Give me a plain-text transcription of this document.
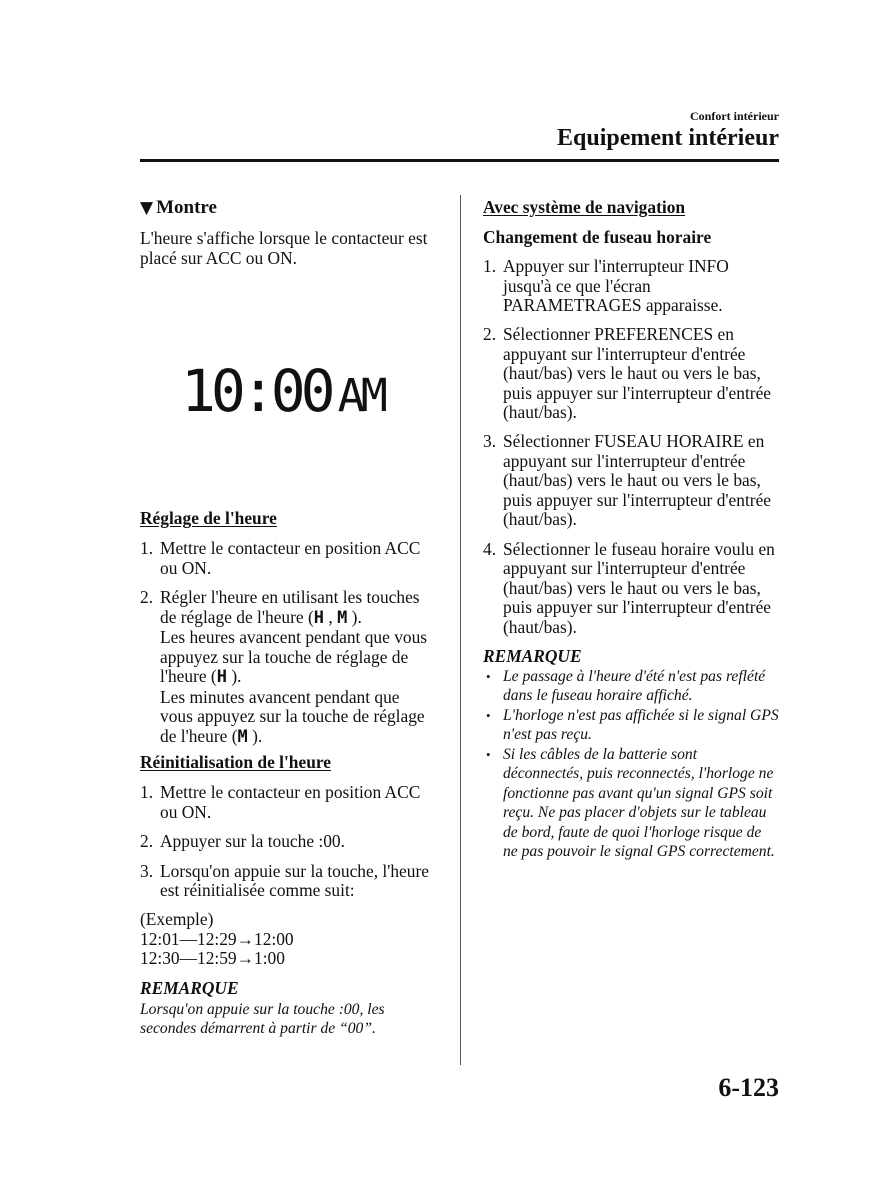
Confort intérieur
Equipement intérieur
▼ Montre
L'heure s'affiche lorsque le contacteur est
placé sur ACC ou ON.
10:00 AM
Réglage de l'heure
1. Mettre le contacteur en position ACC
ou ON.
2. Régler l'heure en utilisant les touches
de réglage de l'heure (H , M ).
Les heures avancent pendant que vous
appuyez sur la touche de réglage de
l'heure (H ).
Les minutes avancent pendant que
vous appuyez sur la touche de réglage
de l'heure (M ).
Réinitialisation de l'heure
1. Mettre le contacteur en position ACC
ou ON.
2. Appuyer sur la touche :00.
3. Lorsqu'on appuie sur la touche, l'heure
est réinitialisée comme suit:
(Exemple)
12:01—12:29→12:00
12:30—12:59→1:00
REMARQUE
Lorsqu'on appuie sur la touche :00, les
secondes démarrent à partir de “00”.
Avec système de navigation
Changement de fuseau horaire
1. Appuyer sur l'interrupteur INFO
jusqu'à ce que l'écran
PARAMETRAGES apparaisse.
2. Sélectionner PREFERENCES en
appuyant sur l'interrupteur d'entrée
(haut/bas) vers le haut ou vers le bas,
puis appuyer sur l'interrupteur d'entrée
(haut/bas).
3. Sélectionner FUSEAU HORAIRE en
appuyant sur l'interrupteur d'entrée
(haut/bas) vers le haut ou vers le bas,
puis appuyer sur l'interrupteur d'entrée
(haut/bas).
4. Sélectionner le fuseau horaire voulu en
appuyant sur l'interrupteur d'entrée
(haut/bas) vers le haut ou vers le bas,
puis appuyer sur l'interrupteur d'entrée
(haut/bas).
REMARQUE
• Le passage à l'heure d'été n'est pas reflété
dans le fuseau horaire affiché.
• L'horloge n'est pas affichée si le signal GPS
n'est pas reçu.
• Si les câbles de la batterie sont
déconnectés, puis reconnectés, l'horloge ne
fonctionne pas avant qu'un signal GPS soit
reçu. Ne pas placer d'objets sur le tableau
de bord, faute de quoi l'horloge risque de
ne pas pouvoir le signal GPS correctement.
6-123
